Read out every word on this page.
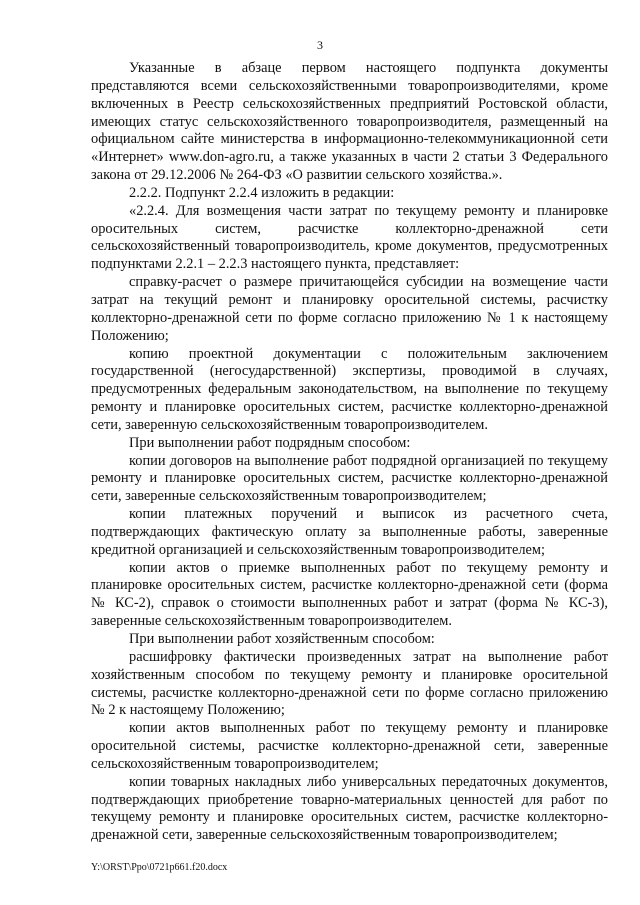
3

Указанные в абзаце первом настоящего подпункта документы представляются всеми сельскохозяйственными товаропроизводителями, кроме включенных в Реестр сельскохозяйственных предприятий Ростовской области, имеющих статус сельскохозяйственного товаропроизводителя, размещенный на официальном сайте министерства в информационно-телекоммуникационной сети «Интернет» www.don-agro.ru, а также указанных в части 2 статьи 3 Федерального закона от 29.12.2006 № 264-ФЗ «О развитии сельского хозяйства.».

2.2.2. Подпункт 2.2.4 изложить в редакции:

«2.2.4. Для возмещения части затрат по текущему ремонту и планировке оросительных систем, расчистке коллекторно-дренажной сети сельскохозяйственный товаропроизводитель, кроме документов, предусмотренных подпунктами 2.2.1 – 2.2.3 настоящего пункта, представляет:

справку-расчет о размере причитающейся субсидии на возмещение части затрат на текущий ремонт и планировку оросительной системы, расчистку коллекторно-дренажной сети по форме согласно приложению № 1 к настоящему Положению;

копию проектной документации с положительным заключением государственной (негосударственной) экспертизы, проводимой в случаях, предусмотренных федеральным законодательством, на выполнение по текущему ремонту и планировке оросительных систем, расчистке коллекторно-дренажной сети, заверенную сельскохозяйственным товаропроизводителем.

При выполнении работ подрядным способом:

копии договоров на выполнение работ подрядной организацией по текущему ремонту и планировке оросительных систем, расчистке коллекторно-дренажной сети, заверенные сельскохозяйственным товаропроизводителем;

копии платежных поручений и выписок из расчетного счета, подтверждающих фактическую оплату за выполненные работы, заверенные кредитной организацией и сельскохозяйственным товаропроизводителем;

копии актов о приемке выполненных работ по текущему ремонту и планировке оросительных систем, расчистке коллекторно-дренажной сети (форма № КС-2), справок о стоимости выполненных работ и затрат (форма № КС-3), заверенные сельскохозяйственным товаропроизводителем.

При выполнении работ хозяйственным способом:

расшифровку фактически произведенных затрат на выполнение работ хозяйственным способом по текущему ремонту и планировке оросительной системы, расчистке коллекторно-дренажной сети по форме согласно приложению № 2 к настоящему Положению;

копии актов выполненных работ по текущему ремонту и планировке оросительной системы, расчистке коллекторно-дренажной сети, заверенные сельскохозяйственным товаропроизводителем;

копии товарных накладных либо универсальных передаточных документов, подтверждающих приобретение товарно-материальных ценностей для работ по текущему ремонту и планировке оросительных систем, расчистке коллекторно-дренажной сети, заверенные сельскохозяйственным товаропроизводителем;

Y:\ORST\Ppo\0721p661.f20.docx
